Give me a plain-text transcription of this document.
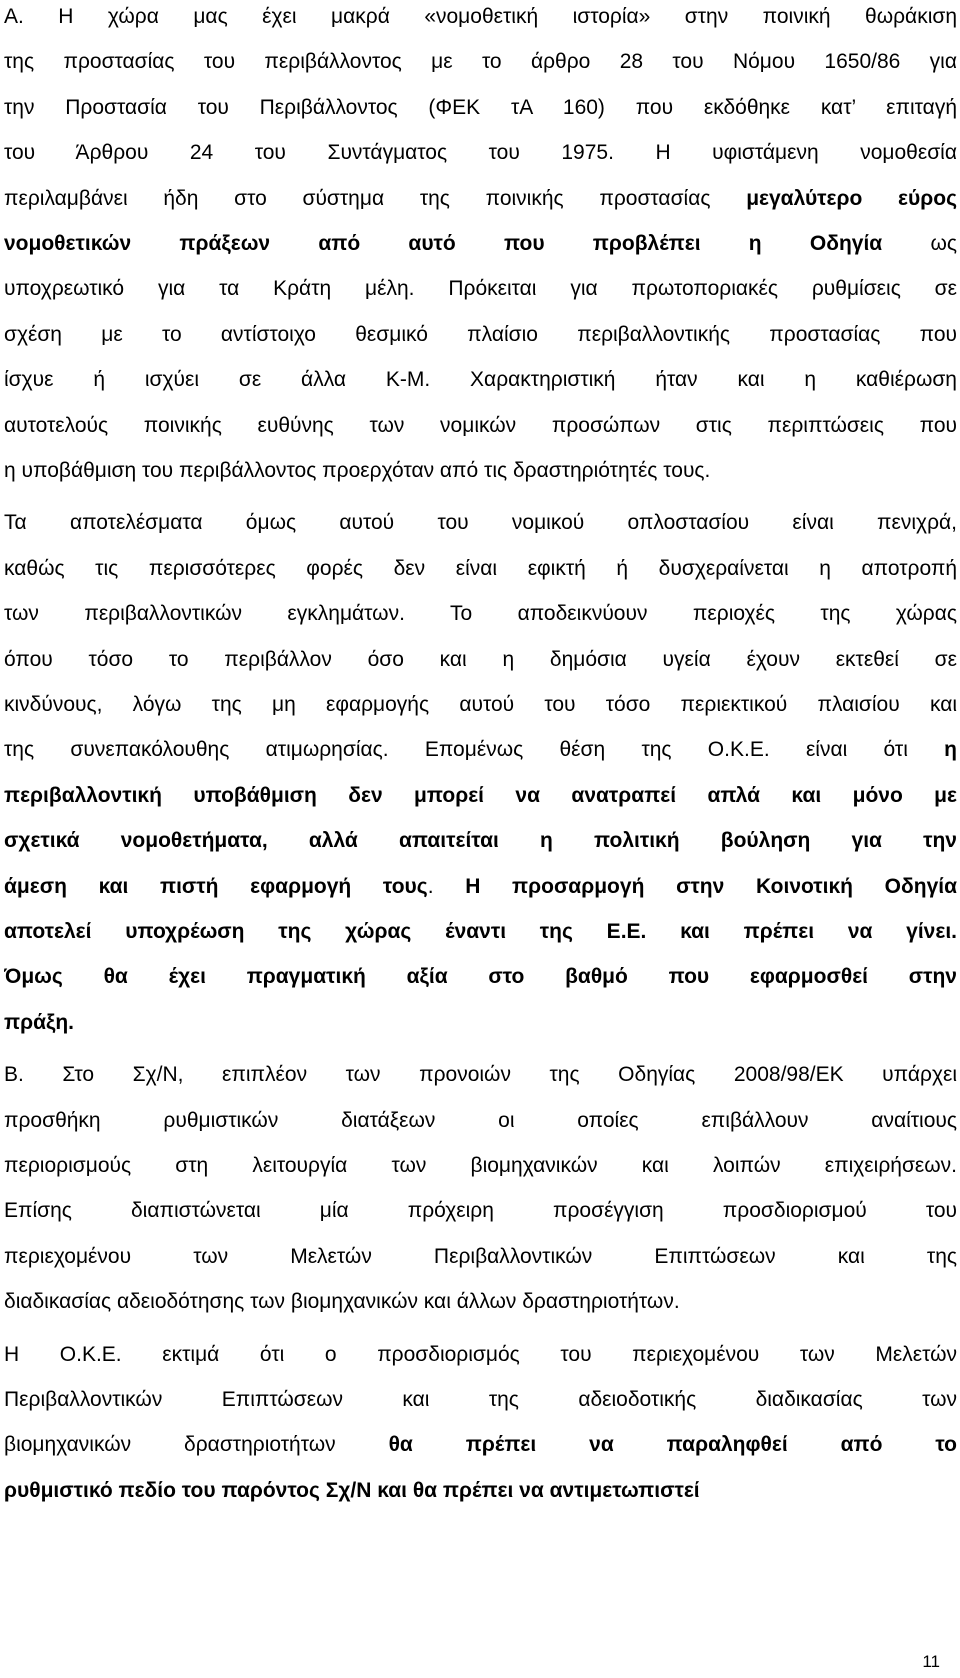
Α. Η χώρα μας έχει μακρά «νομοθετική ιστορία» στην ποινική θωράκιση
της προστασίας του περιβάλλοντος με το άρθρο 28 του Νόμου 1650/86 για
την Προστασία του Περιβάλλοντος (ΦΕΚ τΑ 160) που εκδόθηκε κατ’ επιταγή
του Άρθρου 24 του Συντάγματος του 1975. Η υφιστάμενη νομοθεσία
περιλαμβάνει ήδη στο σύστημα της ποινικής προστασίας μεγαλύτερο εύρος
νομοθετικών πράξεων από αυτό που προβλέπει η Οδηγία ως
υποχρεωτικό για τα Κράτη μέλη. Πρόκειται για πρωτοποριακές ρυθμίσεις σε
σχέση με το αντίστοιχο θεσμικό πλαίσιο περιβαλλοντικής προστασίας που
ίσχυε ή ισχύει σε άλλα Κ-Μ. Χαρακτηριστική ήταν και η καθιέρωση
αυτοτελούς ποινικής ευθύνης των νομικών προσώπων στις περιπτώσεις που
η υποβάθμιση του περιβάλλοντος προερχόταν από τις δραστηριότητές τους.
Τα αποτελέσματα όμως αυτού του νομικού οπλοστασίου είναι πενιχρά,
καθώς τις περισσότερες φορές δεν είναι εφικτή ή δυσχεραίνεται η αποτροπή
των περιβαλλοντικών εγκλημάτων. Το αποδεικνύουν περιοχές της χώρας
όπου τόσο το περιβάλλον όσο και η δημόσια υγεία έχουν εκτεθεί σε
κινδύνους, λόγω της μη εφαρμογής αυτού του τόσο περιεκτικού πλαισίου και
της συνεπακόλουθης ατιμωρησίας. Επομένως θέση της Ο.Κ.Ε. είναι ότι η
περιβαλλοντική υποβάθμιση δεν μπορεί να ανατραπεί απλά και μόνο με
σχετικά νομοθετήματα, αλλά απαιτείται η πολιτική βούληση για την
άμεση και πιστή εφαρμογή τους. Η προσαρμογή στην Κοινοτική Οδηγία
αποτελεί υποχρέωση της χώρας έναντι της Ε.Ε. και πρέπει να γίνει.
Όμως θα έχει πραγματική αξία στο βαθμό που εφαρμοσθεί στην
πράξη.
Β. Στο Σχ/Ν, επιπλέον των προνοιών της Οδηγίας 2008/98/ΕΚ υπάρχει
προσθήκη ρυθμιστικών διατάξεων οι οποίες επιβάλλουν αναίτιους
περιορισμούς στη λειτουργία των βιομηχανικών και λοιπών επιχειρήσεων.
Επίσης διαπιστώνεται μία πρόχειρη προσέγγιση προσδιορισμού του
περιεχομένου των Μελετών Περιβαλλοντικών Επιπτώσεων και της
διαδικασίας αδειοδότησης των βιομηχανικών και άλλων δραστηριοτήτων.
Η Ο.Κ.Ε. εκτιμά ότι ο προσδιορισμός του περιεχομένου των Μελετών
Περιβαλλοντικών Επιπτώσεων και της αδειοδοτικής διαδικασίας των
βιομηχανικών δραστηριοτήτων θα πρέπει να παραληφθεί από το
ρυθμιστικό πεδίο του παρόντος Σχ/Ν και θα πρέπει να αντιμετωπιστεί
11
